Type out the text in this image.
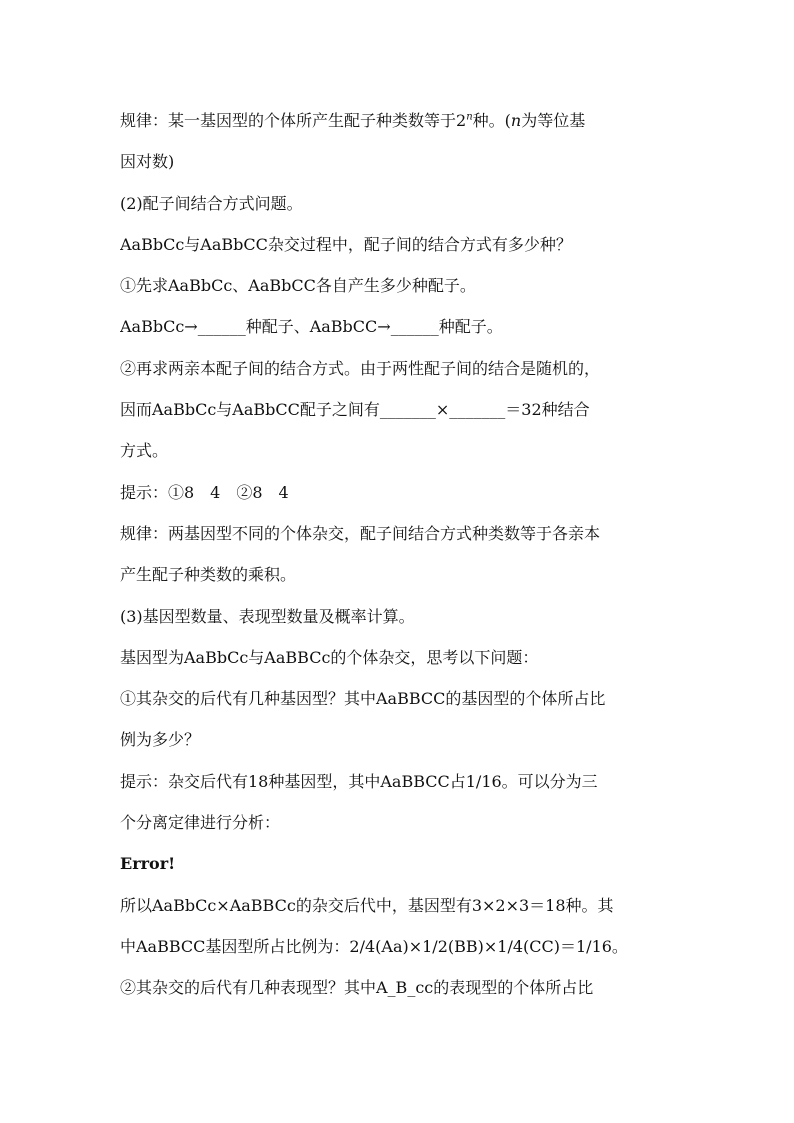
规律：某一基因型的个体所产生配子种类数等于2$^n$种。(n为等位基
因对数)
(2)配子间结合方式问题。
AaBbCc与AaBbCC杂交过程中，配子间的结合方式有多少种？
①先求AaBbCc、AaBbCC各自产生多少种配子。
AaBbCc→______种配子、AaBbCC→______种配子。
②再求两亲本配子间的结合方式。由于两性配子间的结合是随机的，
因而AaBbCc与AaBbCC配子之间有_______×_______＝32种结合
方式。
提示：①8　4　②8　4
规律：两基因型不同的个体杂交，配子间结合方式种类数等于各亲本
产生配子种类数的乘积。
(3)基因型数量、表现型数量及概率计算。
基因型为AaBbCc与AaBBCc的个体杂交，思考以下问题：
①其杂交的后代有几种基因型？其中AaBBCC的基因型的个体所占比
例为多少？
提示：杂交后代有18种基因型，其中AaBBCC占1/16。可以分为三
个分离定律进行分析：
Error!
所以AaBbCc×AaBBCc的杂交后代中，基因型有3×2×3＝18种。其
中AaBBCC基因型所占比例为：2/4(Aa)×1/2(BB)×1/4(CC)＝1/16。
②其杂交的后代有几种表现型？其中A_B_cc的表现型的个体所占比
